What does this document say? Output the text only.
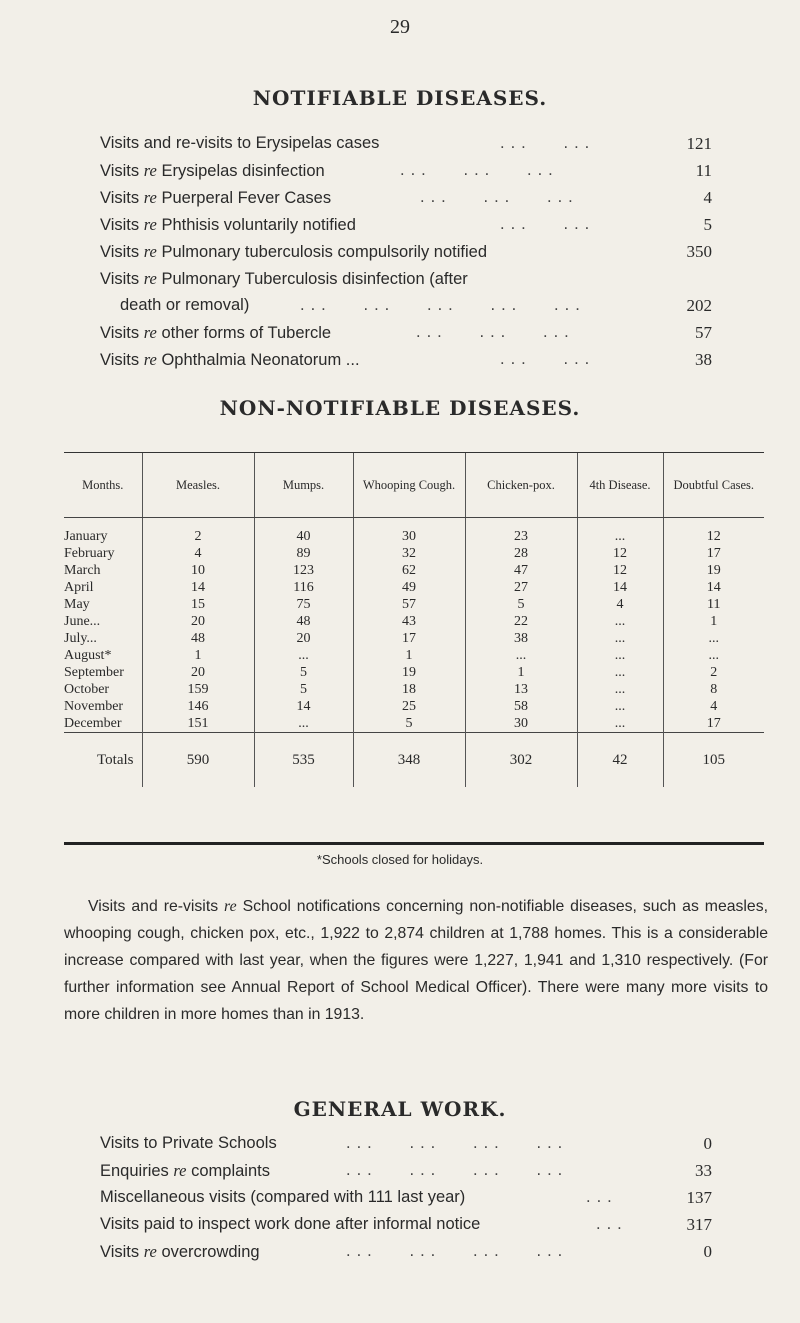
29
NOTIFIABLE DISEASES.
Visits and re-visits to Erysipelas cases	...   ...	121
Visits re Erysipelas disinfection	...   ...   ...	11
Visits re Puerperal Fever Cases	...   ...   ...	4
Visits re Phthisis voluntarily notified	...   ...	5
Visits re Pulmonary tuberculosis compulsorily notified	350
Visits re Pulmonary Tuberculosis disinfection (after
death or removal)	...   ...   ...   ...   ...	202
Visits re other forms of Tubercle	...   ...   ...	57
Visits re Ophthalmia Neonatorum ...	...   ...	38
NON-NOTIFIABLE DISEASES.
Months.	Measles.	Mumps.	Whooping Cough.	Chicken-pox.	4th Disease.	Doubtful Cases.
January	2	40	30	23	...	12
February	4	89	32	28	12	17
March	10	123	62	47	12	19
April	14	116	49	27	14	14
May	15	75	57	5	4	11
June...	20	48	43	22	...	1
July...	48	20	17	38	...	...
August*	1	...	1	...	...	...
September	20	5	19	1	...	2
October	159	5	18	13	...	8
November	146	14	25	58	...	4
December	151	...	5	30	...	17
Totals	590	535	348	302	42	105
*Schools closed for holidays.
Visits and re-visits re School notifications concerning non-notifiable diseases, such as measles, whooping cough, chicken pox, etc., 1,922 to 2,874 children at 1,788 homes. This is a considerable increase compared with last year, when the figures were 1,227, 1,941 and 1,310 respectively. (For further information see Annual Report of School Medical Officer). There were many more visits to more children in more homes than in 1913.
GENERAL WORK.
Visits to Private Schools	...   ...   ...   ...	0
Enquiries re complaints	...   ...   ...   ...	33
Miscellaneous visits (compared with 111 last year)	...	137
Visits paid to inspect work done after informal notice	...	317
Visits re overcrowding	...   ...   ...   ...	0
